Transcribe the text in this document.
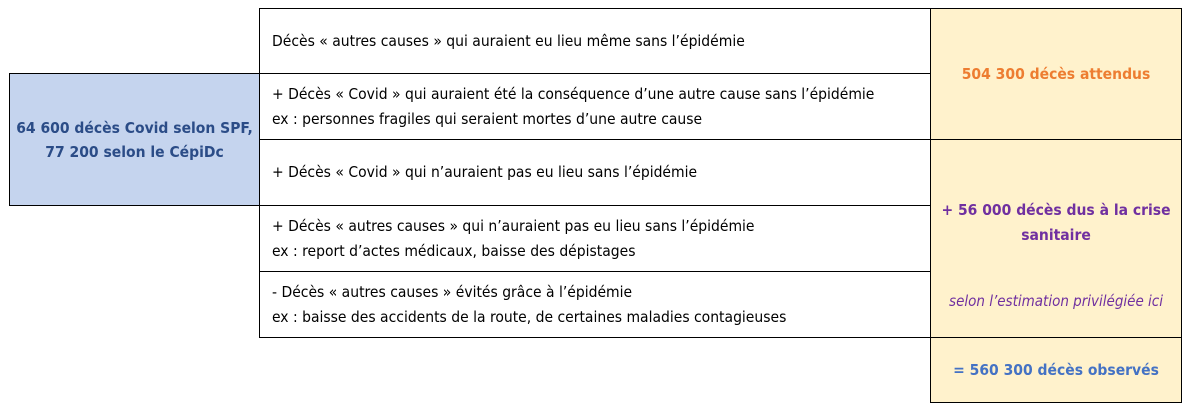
64 600 décès Covid selon SPF,
77 200 selon le CépiDc
Décès « autres causes » qui auraient eu lieu même sans l’épidémie
+ Décès « Covid » qui auraient été la conséquence d’une autre cause sans l’épidémie
ex : personnes fragiles qui seraient mortes d’une autre cause
+ Décès « Covid » qui n’auraient pas eu lieu sans l’épidémie
+ Décès « autres causes » qui n’auraient pas eu lieu sans l’épidémie
ex : report d’actes médicaux, baisse des dépistages
- Décès « autres causes » évités grâce à l’épidémie
ex : baisse des accidents de la route, de certaines maladies contagieuses
504 300 décès attendus
+ 56 000 décès dus à la crise
sanitaire
selon l’estimation privilégiée ici
= 560 300 décès observés
